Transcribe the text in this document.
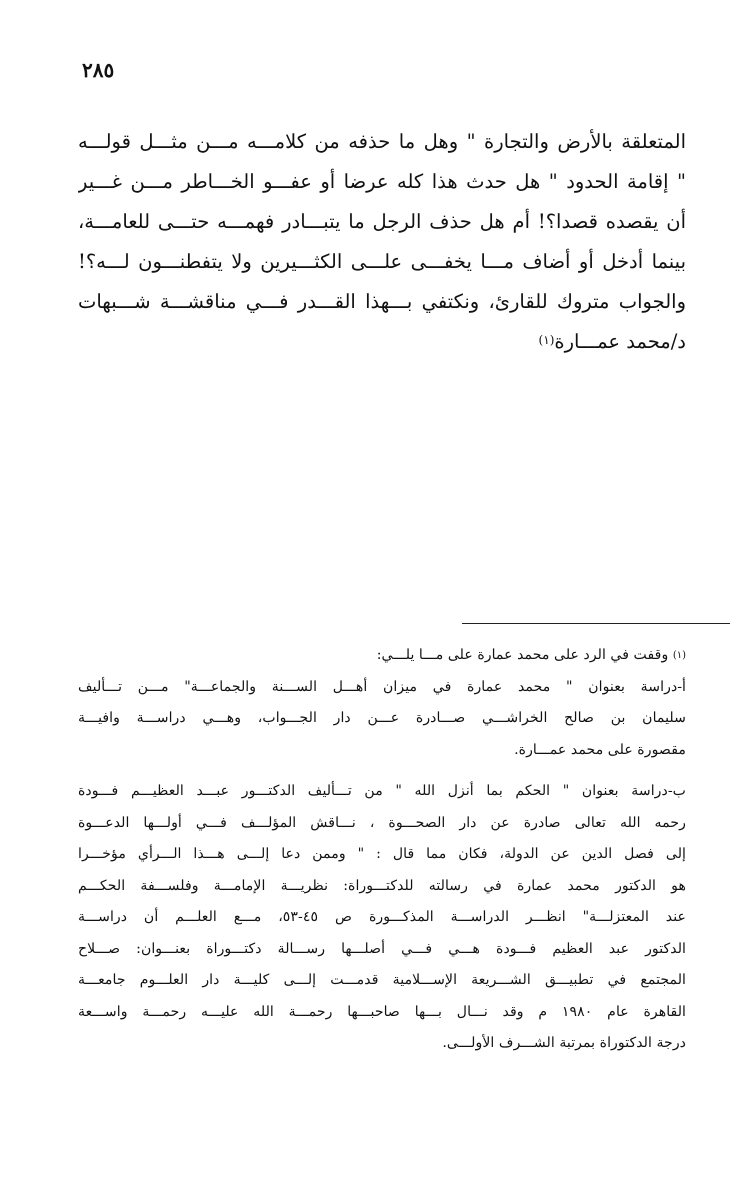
٢٨٥
المتعلقة بالأرض والتجارة " وهل ما حذفه من كلامـــه مـــن مثـــل قولـــه
" إقامة الحدود " هل حدث هذا كله عرضا أو عفـــو الخـــاطر مـــن غـــير
أن يقصده قصدا؟! أم هل حذف الرجل ما يتبـــادر فهمـــه حتـــى للعامـــة،
بينما أدخل أو أضاف مـــا يخفـــى علـــى الكثـــيرين ولا يتفطنـــون لـــه؟!
والجواب متروك للقارئ، ونكتفي بـــهذا القـــدر فـــي مناقشـــة شـــبهات
د/محمد عمـــارة$^{(١)}$
$^{(١)}$ وقفت في الرد على محمد عمارة على مـــا يلـــي:
أ-دراسة بعنوان " محمد عمارة في ميزان أهـــل الســـنة والجماعـــة" مـــن تـــأليف
سليمان بن صالح الخراشـــي صـــادرة عـــن دار الجـــواب، وهـــي دراســـة وافيـــة
مقصورة على محمد عمـــارة.
ب-دراسة بعنوان " الحكم بما أنزل الله " من تـــأليف الدكتـــور عبـــد العظيـــم فـــودة
رحمه الله تعالى صادرة عن دار الصحـــوة ، نـــاقش المؤلـــف فـــي أولـــها الدعـــوة
إلى فصل الدين عن الدولة، فكان مما قال : " وممن دعا إلـــى هـــذا الـــرأي مؤخـــرا
هو الدكتور محمد عمارة في رسالته للدكتـــوراة: نظريـــة الإمامـــة وفلســـفة الحكـــم
عند المعتزلـــة" انظـــر الدراســـة المذكـــورة ص ٤٥-٥٣، مـــع العلـــم أن دراســـة
الدكتور عبد العظيم فـــودة هـــي فـــي أصلـــها رســـالة دكتـــوراة بعنـــوان: صـــلاح
المجتمع في تطبيـــق الشـــريعة الإســـلامية قدمـــت إلـــى كليـــة دار العلـــوم جامعـــة
القاهرة عام ١٩٨٠ م وقد نـــال بـــها صاحبـــها رحمـــة الله عليـــه رحمـــة واســـعة
درجة الدكتوراة بمرتبة الشـــرف الأولـــى.
